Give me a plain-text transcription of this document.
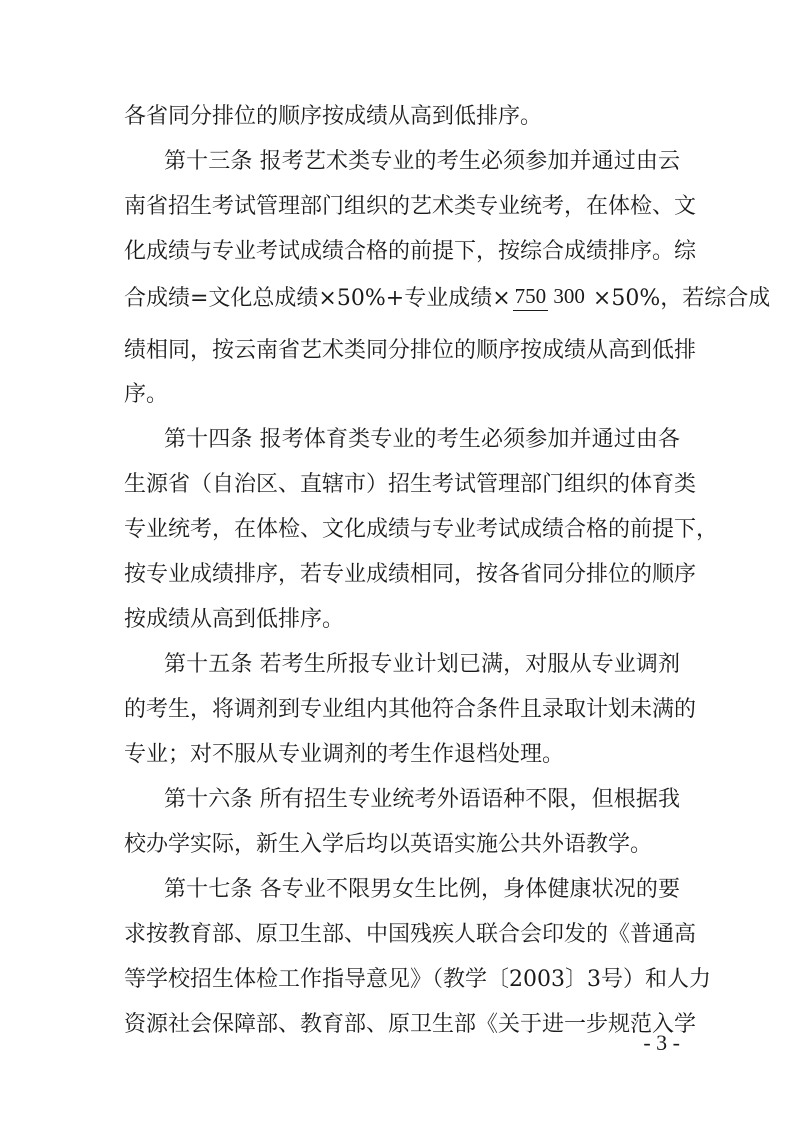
各省同分排位的顺序按成绩从高到低排序。
第十三条 报考艺术类专业的考生必须参加并通过由云
南省招生考试管理部门组织的艺术类专业统考，在体检、文
化成绩与专业考试成绩合格的前提下，按综合成绩排序。综
合成绩=文化总成绩×50%+专业成绩× 750 300 ×50%，若综合成
绩相同，按云南省艺术类同分排位的顺序按成绩从高到低排
序。
第十四条 报考体育类专业的考生必须参加并通过由各
生源省（自治区、直辖市）招生考试管理部门组织的体育类
专业统考，在体检、文化成绩与专业考试成绩合格的前提下，
按专业成绩排序，若专业成绩相同，按各省同分排位的顺序
按成绩从高到低排序。
第十五条 若考生所报专业计划已满，对服从专业调剂
的考生，将调剂到专业组内其他符合条件且录取计划未满的
专业；对不服从专业调剂的考生作退档处理。
第十六条 所有招生专业统考外语语种不限，但根据我
校办学实际，新生入学后均以英语实施公共外语教学。
第十七条 各专业不限男女生比例，身体健康状况的要
求按教育部、原卫生部、中国残疾人联合会印发的《普通高
等学校招生体检工作指导意见》（教学〔2003〕3号）和人力
资源社会保障部、教育部、原卫生部《关于进一步规范入学
- 3 -
